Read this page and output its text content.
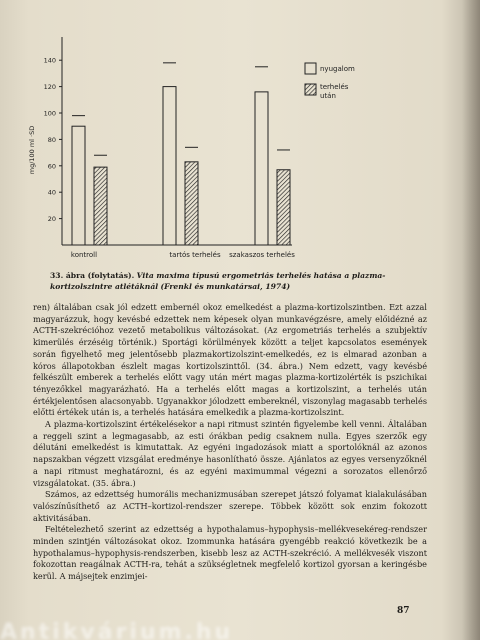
20
40
60
80
100
120
140
kontroll	tartós terhelés szakaszos terhelés
mg/100 ml ·SD
nyugalom
terhelés
után
33. ábra (folytatás). Vita maxima típusú ergometriás terhelés hatása a plazma-kortizolszintre atlétáknál (Frenkl és munkatársai, 1974)

ren) általában csak jól edzett embernél okoz emelkedést a plazma-kortizolszintben. Ezt azzal magyarázzuk, hogy kevésbé edzettek nem képesek olyan munkavégzésre, amely előidézné az ACTH-szekrécióhoz vezető metabolikus változásokat. (Az ergometriás terhelés a szubjektív kimerülés érzéséig történik.) Sportági körülmények között a teljet kapcsolatos események során figyelhető meg jelentősebb plazmakortizolszint-emelkedés, ez is elmarad azonban a kóros állapotokban észlelt magas kortizolszinttől. (34. ábra.) Nem edzett, vagy kevésbé felkészült emberek a terhelés előtt vagy után mért magas plazma-kortizolérték is pszichikai tényezőkkel magyarázható. Ha a terhelés előtt magas a kortizolszint, a terhelés után értékjelentősen alacsonyabb. Ugyanakkor jólodzett embereknél, viszonylag magasabb terhelés előtti értékek után is, a terhelés hatására emelkedik a plazma-kortizolszint.

A plazma-kortizolszint értékelésekor a napi ritmust szintén figyelembe kell venni. Általában a reggeli szint a legmagasabb, az esti órákban pedig csaknem nulla. Egyes szerzők egy délutáni emelkedést is kimutattak. Az egyéni ingadozások miatt a sportolóknál az azonos napszakban végzett vizsgálat eredménye hasonlítható össze. Ajánlatos az egyes versenyzőknél a napi ritmust meghatározni, és az egyéni maximummal végezni a sorozatos ellenőrző vizsgálatokat. (35. ábra.)

Számos, az edzettség humorális mechanizmusában szerepet játszó folyamat kialakulásában valószínűsíthető az ACTH–kortizol-rendszer szerepe. Többek között sok enzim fokozott aktivitásában.

Feltételezhető szerint az edzettség a hypothalamus–hypophysis–mellékvesekéreg-rendszer minden szintjén változásokat okoz. Izommunka hatására gyengébb reakció következik be a hypothalamus–hypophysis-rendszerben, kisebb lesz az ACTH-szekréció. A mellékvesék viszont fokozottan reagálnak ACTH-ra, tehát a szükségletnek megfelelő kortizol gyorsan a keringésbe kerül. A májsejtek enzimjei-

87
Antikvárium.hu
